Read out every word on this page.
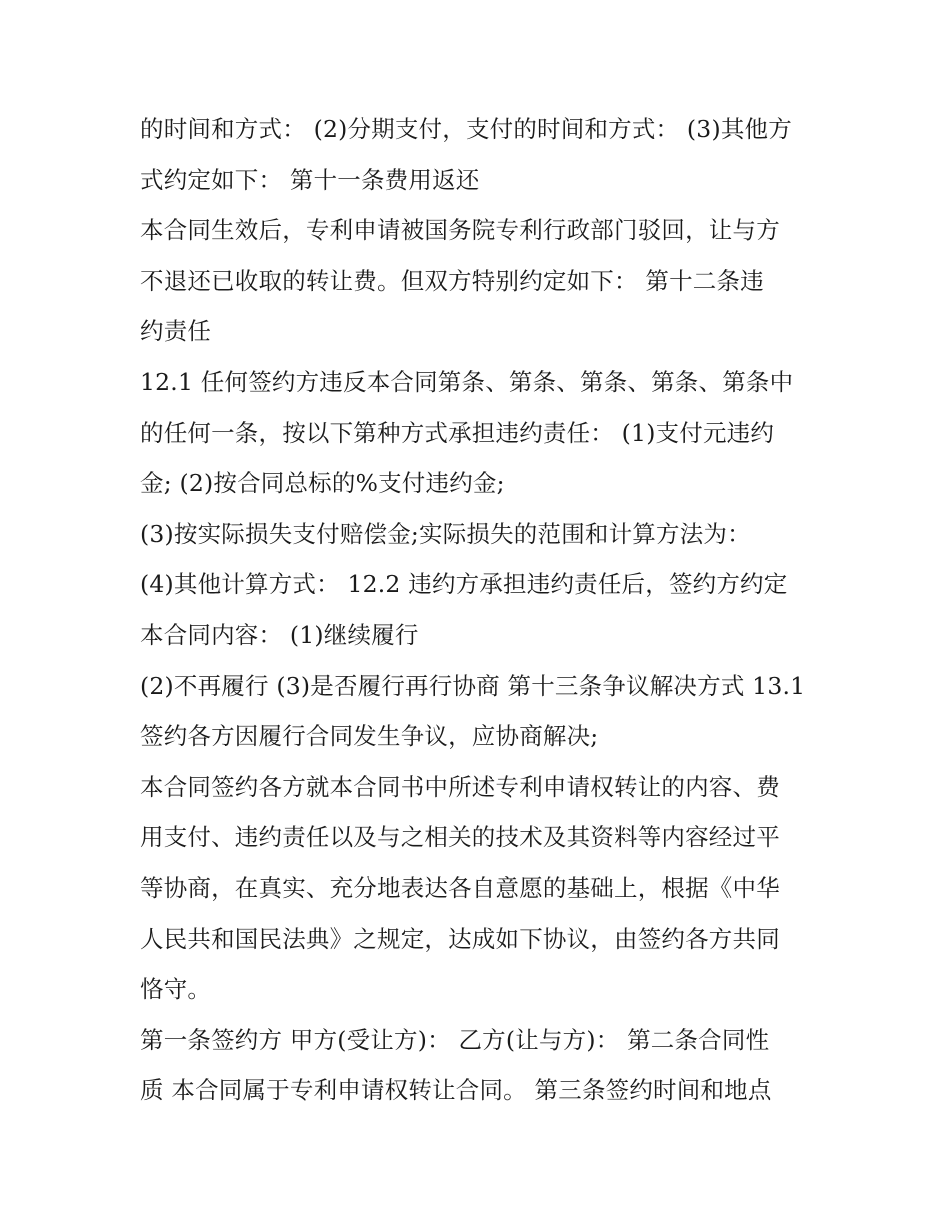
的时间和方式： (2)分期支付，支付的时间和方式： (3)其他方
式约定如下： 第十一条费用返还
本合同生效后，专利申请被国务院专利行政部门驳回，让与方
不退还已收取的转让费。但双方特别约定如下： 第十二条违
约责任
12.1 任何签约方违反本合同第条、第条、第条、第条、第条中
的任何一条，按以下第种方式承担违约责任： (1)支付元违约
金; (2)按合同总标的%支付违约金;
(3)按实际损失支付赔偿金;实际损失的范围和计算方法为：
(4)其他计算方式： 12.2 违约方承担违约责任后，签约方约定
本合同内容： (1)继续履行
(2)不再履行 (3)是否履行再行协商 第十三条争议解决方式 13.1
签约各方因履行合同发生争议，应协商解决;
本合同签约各方就本合同书中所述专利申请权转让的内容、费
用支付、违约责任以及与之相关的技术及其资料等内容经过平
等协商，在真实、充分地表达各自意愿的基础上，根据《中华
人民共和国民法典》之规定，达成如下协议，由签约各方共同
恪守。
第一条签约方 甲方(受让方)： 乙方(让与方)： 第二条合同性
质 本合同属于专利申请权转让合同。 第三条签约时间和地点
